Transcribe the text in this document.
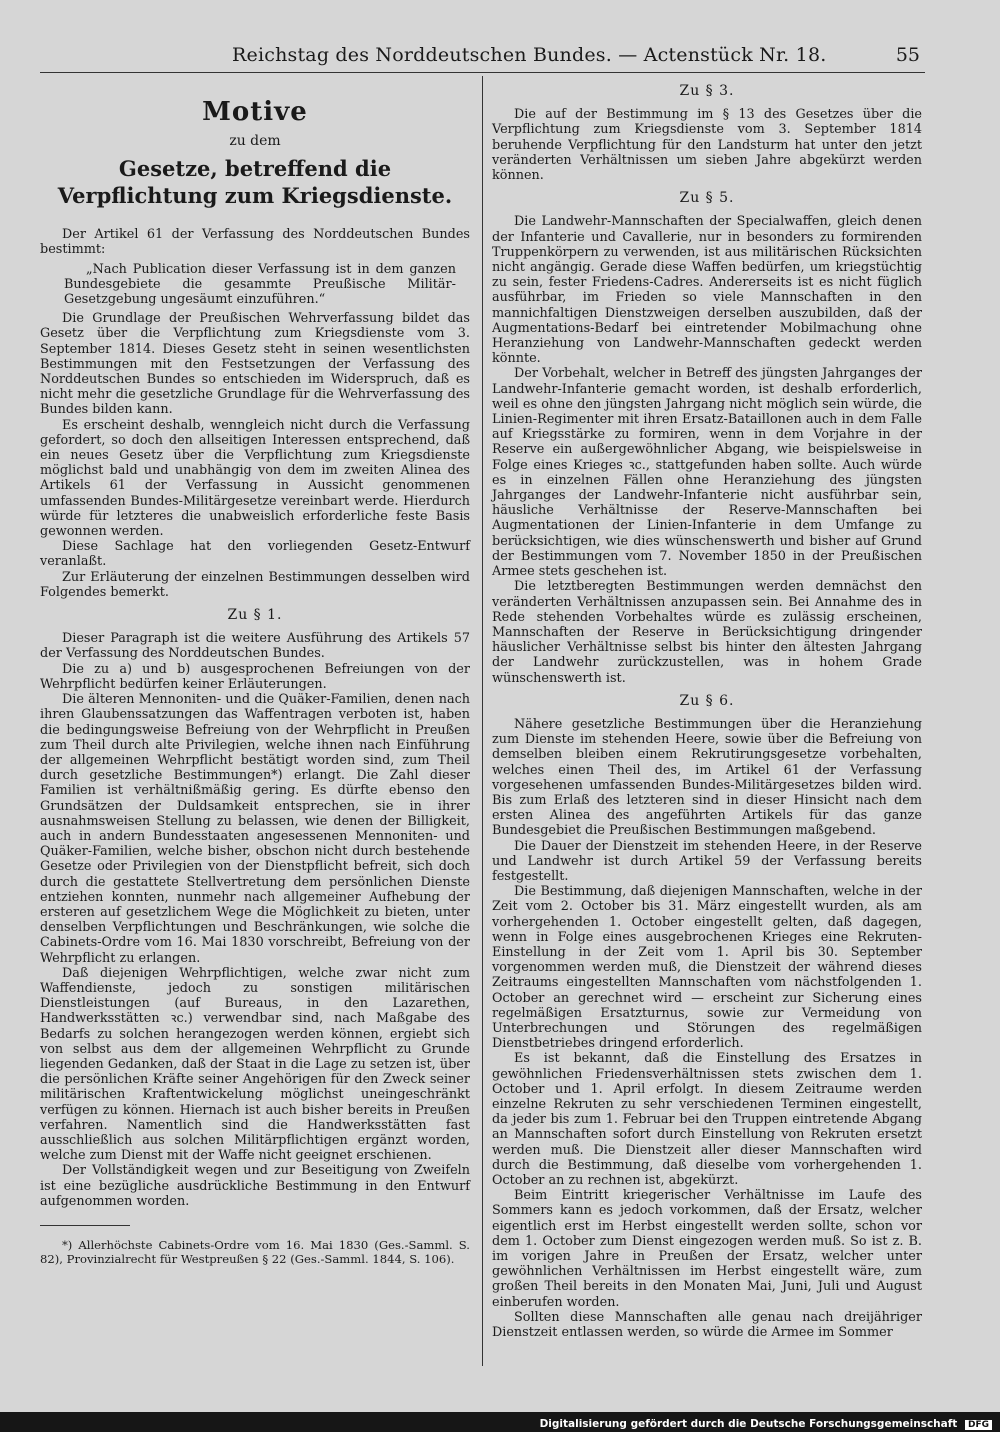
Reichstag des Norddeutschen Bundes. — Actenstück Nr. 18.	55
Motive
zu dem
Gesetze, betreffend die Verpflichtung zum Kriegsdienste.

Der Artikel 61 der Verfassung des Norddeutschen Bundes bestimmt:

„Nach Publication dieser Verfassung ist in dem ganzen Bundesgebiete die gesammte Preußische Militär-Gesetzgebung ungesäumt einzuführen.“

Die Grundlage der Preußischen Wehrverfassung bildet das Gesetz über die Verpflichtung zum Kriegsdienste vom 3. September 1814. Dieses Gesetz steht in seinen wesentlichsten Bestimmungen mit den Festsetzungen der Verfassung des Norddeutschen Bundes so entschieden im Widerspruch, daß es nicht mehr die gesetzliche Grundlage für die Wehrverfassung des Bundes bilden kann.

Es erscheint deshalb, wenngleich nicht durch die Verfassung gefordert, so doch den allseitigen Interessen entsprechend, daß ein neues Gesetz über die Verpflichtung zum Kriegsdienste möglichst bald und unabhängig von dem im zweiten Alinea des Artikels 61 der Verfassung in Aussicht genommenen umfassenden Bundes-Militärgesetze vereinbart werde. Hierdurch würde für letzteres die unabweislich erforderliche feste Basis gewonnen werden.

Diese Sachlage hat den vorliegenden Gesetz-Entwurf veranlaßt.

Zur Erläuterung der einzelnen Bestimmungen desselben wird Folgendes bemerkt.

Zu § 1.

Dieser Paragraph ist die weitere Ausführung des Artikels 57 der Verfassung des Norddeutschen Bundes.

Die zu a) und b) ausgesprochenen Befreiungen von der Wehrpflicht bedürfen keiner Erläuterungen.

Die älteren Mennoniten- und die Quäker-Familien, denen nach ihren Glaubenssatzungen das Waffentragen verboten ist, haben die bedingungsweise Befreiung von der Wehrpflicht in Preußen zum Theil durch alte Privilegien, welche ihnen nach Einführung der allgemeinen Wehrpflicht bestätigt worden sind, zum Theil durch gesetzliche Bestimmungen*) erlangt. Die Zahl dieser Familien ist verhältnißmäßig gering. Es dürfte ebenso den Grundsätzen der Duldsamkeit entsprechen, sie in ihrer ausnahmsweisen Stellung zu belassen, wie denen der Billigkeit, auch in andern Bundesstaaten angesessenen Mennoniten- und Quäker-Familien, welche bisher, obschon nicht durch bestehende Gesetze oder Privilegien von der Dienstpflicht befreit, sich doch durch die gestattete Stellvertretung dem persönlichen Dienste entziehen konnten, nunmehr nach allgemeiner Aufhebung der ersteren auf gesetzlichem Wege die Möglichkeit zu bieten, unter denselben Verpflichtungen und Beschränkungen, wie solche die Cabinets-Ordre vom 16. Mai 1830 vorschreibt, Befreiung von der Wehrpflicht zu erlangen.

Daß diejenigen Wehrpflichtigen, welche zwar nicht zum Waffendienste, jedoch zu sonstigen militärischen Dienstleistungen (auf Bureaus, in den Lazarethen, Handwerksstätten ꝛc.) verwendbar sind, nach Maßgabe des Bedarfs zu solchen herangezogen werden können, ergiebt sich von selbst aus dem der allgemeinen Wehrpflicht zu Grunde liegenden Gedanken, daß der Staat in die Lage zu setzen ist, über die persönlichen Kräfte seiner Angehörigen für den Zweck seiner militärischen Kraftentwickelung möglichst uneingeschränkt verfügen zu können. Hiernach ist auch bisher bereits in Preußen verfahren. Namentlich sind die Handwerksstätten fast ausschließlich aus solchen Militärpflichtigen ergänzt worden, welche zum Dienst mit der Waffe nicht geeignet erschienen.

Der Vollständigkeit wegen und zur Beseitigung von Zweifeln ist eine bezügliche ausdrückliche Bestimmung in den Entwurf aufgenommen worden.

*) Allerhöchste Cabinets-Ordre vom 16. Mai 1830 (Ges.-Samml. S. 82), Provinzialrecht für Westpreußen § 22 (Ges.-Samml. 1844, S. 106).

Zu § 3.

Die auf der Bestimmung im § 13 des Gesetzes über die Verpflichtung zum Kriegsdienste vom 3. September 1814 beruhende Verpflichtung für den Landsturm hat unter den jetzt veränderten Verhältnissen um sieben Jahre abgekürzt werden können.

Zu § 5.

Die Landwehr-Mannschaften der Specialwaffen, gleich denen der Infanterie und Cavallerie, nur in besonders zu formirenden Truppenkörpern zu verwenden, ist aus militärischen Rücksichten nicht angängig. Gerade diese Waffen bedürfen, um kriegstüchtig zu sein, fester Friedens-Cadres. Andererseits ist es nicht füglich ausführbar, im Frieden so viele Mannschaften in den mannichfaltigen Dienstzweigen derselben auszubilden, daß der Augmentations-Bedarf bei eintretender Mobilmachung ohne Heranziehung von Landwehr-Mannschaften gedeckt werden könnte.

Der Vorbehalt, welcher in Betreff des jüngsten Jahrganges der Landwehr-Infanterie gemacht worden, ist deshalb erforderlich, weil es ohne den jüngsten Jahrgang nicht möglich sein würde, die Linien-Regimenter mit ihren Ersatz-Bataillonen auch in dem Falle auf Kriegsstärke zu formiren, wenn in dem Vorjahre in der Reserve ein außergewöhnlicher Abgang, wie beispielsweise in Folge eines Krieges ꝛc., stattgefunden haben sollte. Auch würde es in einzelnen Fällen ohne Heranziehung des jüngsten Jahrganges der Landwehr-Infanterie nicht ausführbar sein, häusliche Verhältnisse der Reserve-Mannschaften bei Augmentationen der Linien-Infanterie in dem Umfange zu berücksichtigen, wie dies wünschenswerth und bisher auf Grund der Bestimmungen vom 7. November 1850 in der Preußischen Armee stets geschehen ist.

Die letztberegten Bestimmungen werden demnächst den veränderten Verhältnissen anzupassen sein. Bei Annahme des in Rede stehenden Vorbehaltes würde es zulässig erscheinen, Mannschaften der Reserve in Berücksichtigung dringender häuslicher Verhältnisse selbst bis hinter den ältesten Jahrgang der Landwehr zurückzustellen, was in hohem Grade wünschenswerth ist.

Zu § 6.

Nähere gesetzliche Bestimmungen über die Heranziehung zum Dienste im stehenden Heere, sowie über die Befreiung von demselben bleiben einem Rekrutirungsgesetze vorbehalten, welches einen Theil des, im Artikel 61 der Verfassung vorgesehenen umfassenden Bundes-Militärgesetzes bilden wird. Bis zum Erlaß des letzteren sind in dieser Hinsicht nach dem ersten Alinea des angeführten Artikels für das ganze Bundesgebiet die Preußischen Bestimmungen maßgebend.

Die Dauer der Dienstzeit im stehenden Heere, in der Reserve und Landwehr ist durch Artikel 59 der Verfassung bereits festgestellt.

Die Bestimmung, daß diejenigen Mannschaften, welche in der Zeit vom 2. October bis 31. März eingestellt wurden, als am vorhergehenden 1. October eingestellt gelten, daß dagegen, wenn in Folge eines ausgebrochenen Krieges eine Rekruten-Einstellung in der Zeit vom 1. April bis 30. September vorgenommen werden muß, die Dienstzeit der während dieses Zeitraums eingestellten Mannschaften vom nächstfolgenden 1. October an gerechnet wird — erscheint zur Sicherung eines regelmäßigen Ersatzturnus, sowie zur Vermeidung von Unterbrechungen und Störungen des regelmäßigen Dienstbetriebes dringend erforderlich.

Es ist bekannt, daß die Einstellung des Ersatzes in gewöhnlichen Friedensverhältnissen stets zwischen dem 1. October und 1. April erfolgt. In diesem Zeitraume werden einzelne Rekruten zu sehr verschiedenen Terminen eingestellt, da jeder bis zum 1. Februar bei den Truppen eintretende Abgang an Mannschaften sofort durch Einstellung von Rekruten ersetzt werden muß. Die Dienstzeit aller dieser Mannschaften wird durch die Bestimmung, daß dieselbe vom vorhergehenden 1. October an zu rechnen ist, abgekürzt.

Beim Eintritt kriegerischer Verhältnisse im Laufe des Sommers kann es jedoch vorkommen, daß der Ersatz, welcher eigentlich erst im Herbst eingestellt werden sollte, schon vor dem 1. October zum Dienst eingezogen werden muß. So ist z. B. im vorigen Jahre in Preußen der Ersatz, welcher unter gewöhnlichen Verhältnissen im Herbst eingestellt wäre, zum großen Theil bereits in den Monaten Mai, Juni, Juli und August einberufen worden.

Sollten diese Mannschaften alle genau nach dreijähriger Dienstzeit entlassen werden, so würde die Armee im Sommer

Digitalisierung gefördert durch die Deutsche Forschungsgemeinschaft DFG
